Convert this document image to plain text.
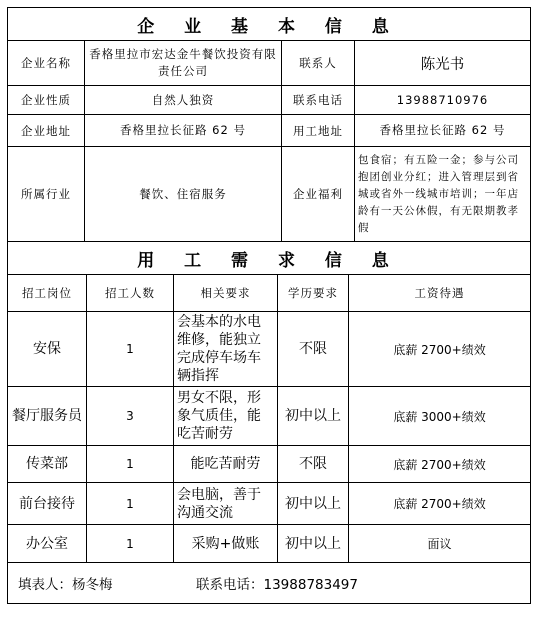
企 业 基 本 信 息			
企业名称	香格里拉市宏达金牛餐饮投资有限责任公司	联系人	陈光书
企业性质	自然人独资	联系电话	13988710976
企业地址	香格里拉长征路 62 号	用工地址	香格里拉长征路 62 号
所属行业	餐饮、住宿服务	企业福利	包食宿；有五险一金；参与公司抱团创业分红；进入管理层到省城或省外一线城市培训；一年店龄有一天公休假，有无限期教孝假
用 工 需 求 信 息				
招工岗位	招工人数	相关要求	学历要求	工资待遇
安保	1	会基本的水电维修，能独立完成停车场车辆指挥	不限	底薪 2700+绩效
餐厅服务员	3	男女不限，形象气质佳，能吃苦耐劳	初中以上	底薪 3000+绩效
传菜部	1	能吃苦耐劳	不限	底薪 2700+绩效
前台接待	1	会电脑，善于沟通交流	初中以上	底薪 2700+绩效
办公室	1	采购+做账	初中以上	面议
填表人：杨冬梅 联系电话：13988783497				
